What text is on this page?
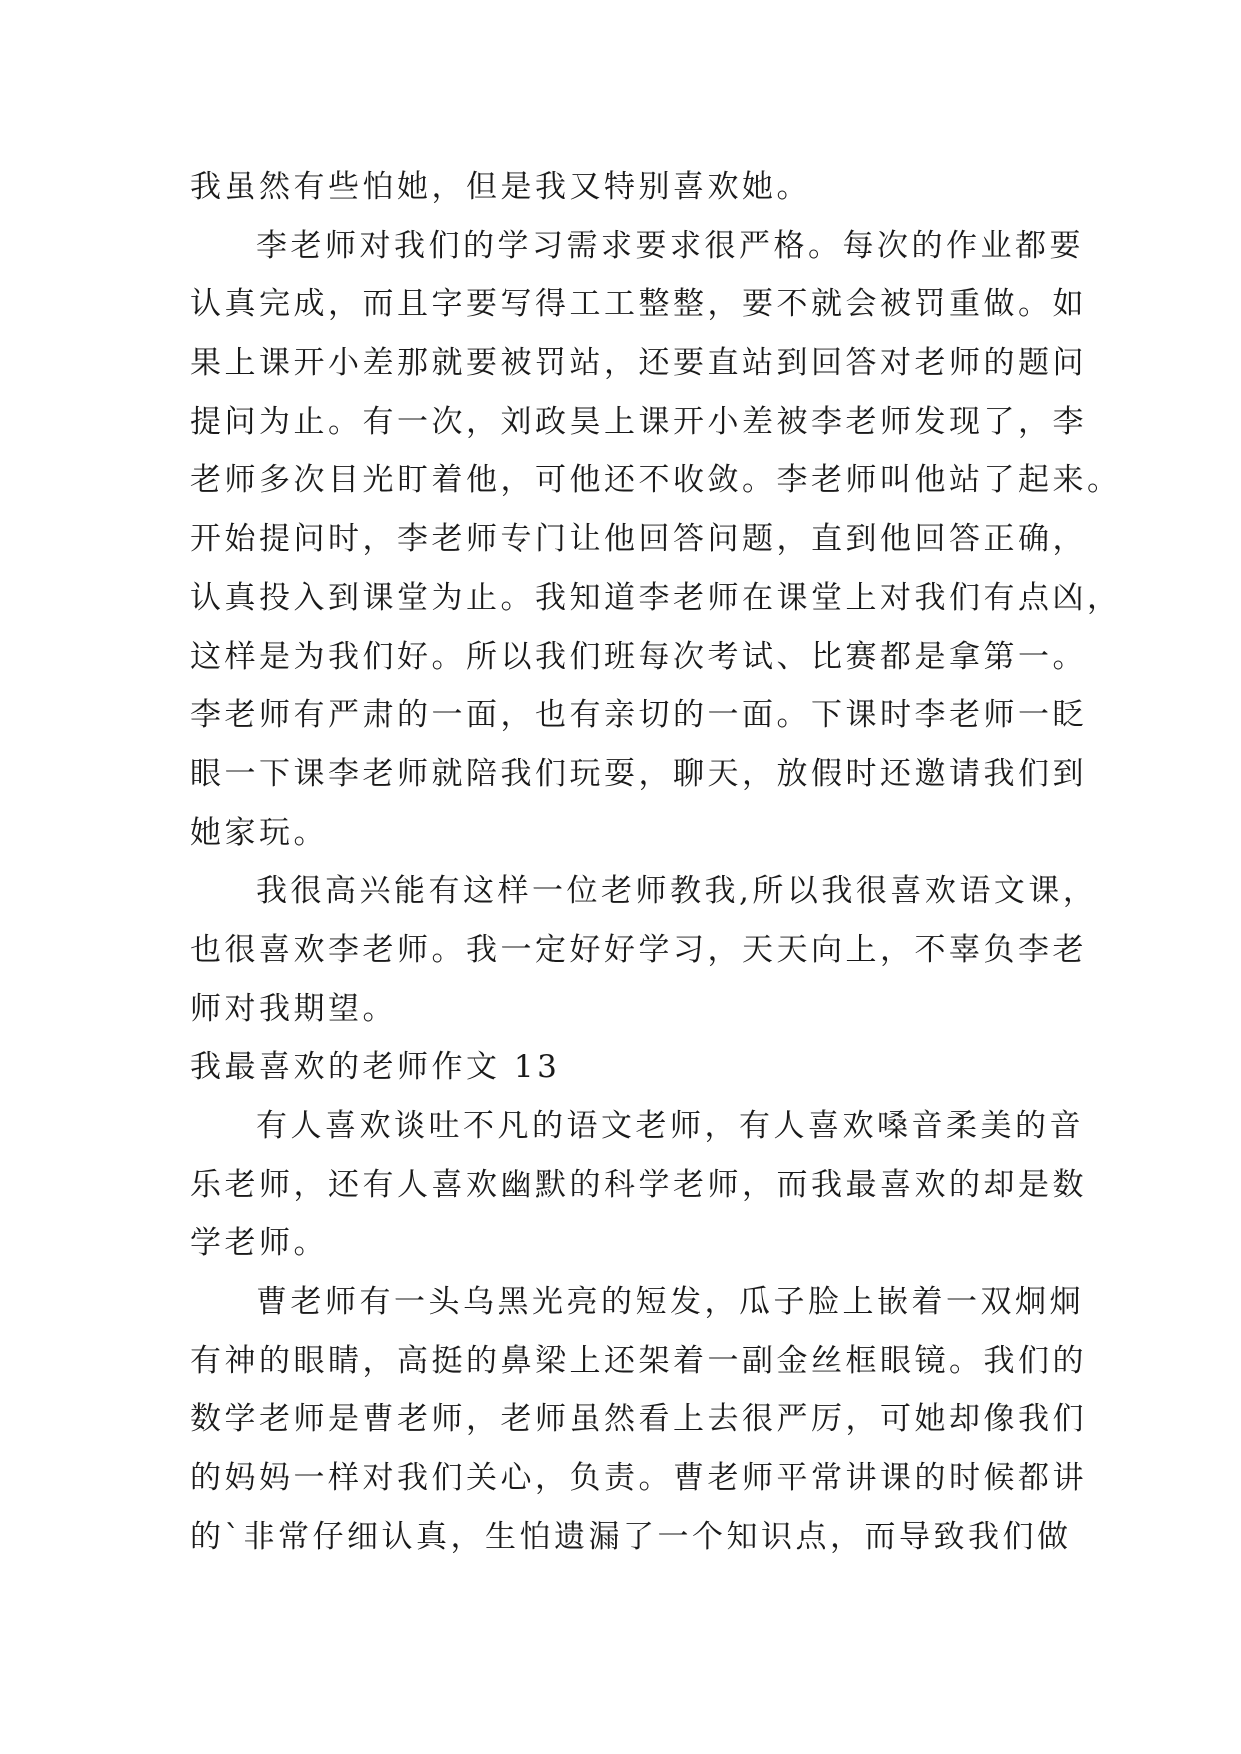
我虽然有些怕她，但是我又特别喜欢她。
李老师对我们的学习需求要求很严格。每次的作业都要
认真完成，而且字要写得工工整整，要不就会被罚重做。如
果上课开小差那就要被罚站，还要直站到回答对老师的题问
提问为止。有一次，刘政昊上课开小差被李老师发现了，李
老师多次目光盯着他，可他还不收敛。李老师叫他站了起来。
开始提问时，李老师专门让他回答问题，直到他回答正确，
认真投入到课堂为止。我知道李老师在课堂上对我们有点凶，
这样是为我们好。所以我们班每次考试、比赛都是拿第一。
李老师有严肃的一面，也有亲切的一面。下课时李老师一眨
眼一下课李老师就陪我们玩耍，聊天，放假时还邀请我们到
她家玩。
我很高兴能有这样一位老师教我,所以我很喜欢语文课，
也很喜欢李老师。我一定好好学习，天天向上，不辜负李老
师对我期望。
我最喜欢的老师作文 13
有人喜欢谈吐不凡的语文老师，有人喜欢嗓音柔美的音
乐老师，还有人喜欢幽默的科学老师，而我最喜欢的却是数
学老师。
曹老师有一头乌黑光亮的短发，瓜子脸上嵌着一双炯炯
有神的眼睛，高挺的鼻梁上还架着一副金丝框眼镜。我们的
数学老师是曹老师，老师虽然看上去很严厉，可她却像我们
的妈妈一样对我们关心，负责。曹老师平常讲课的时候都讲
的`非常仔细认真，生怕遗漏了一个知识点，而导致我们做
